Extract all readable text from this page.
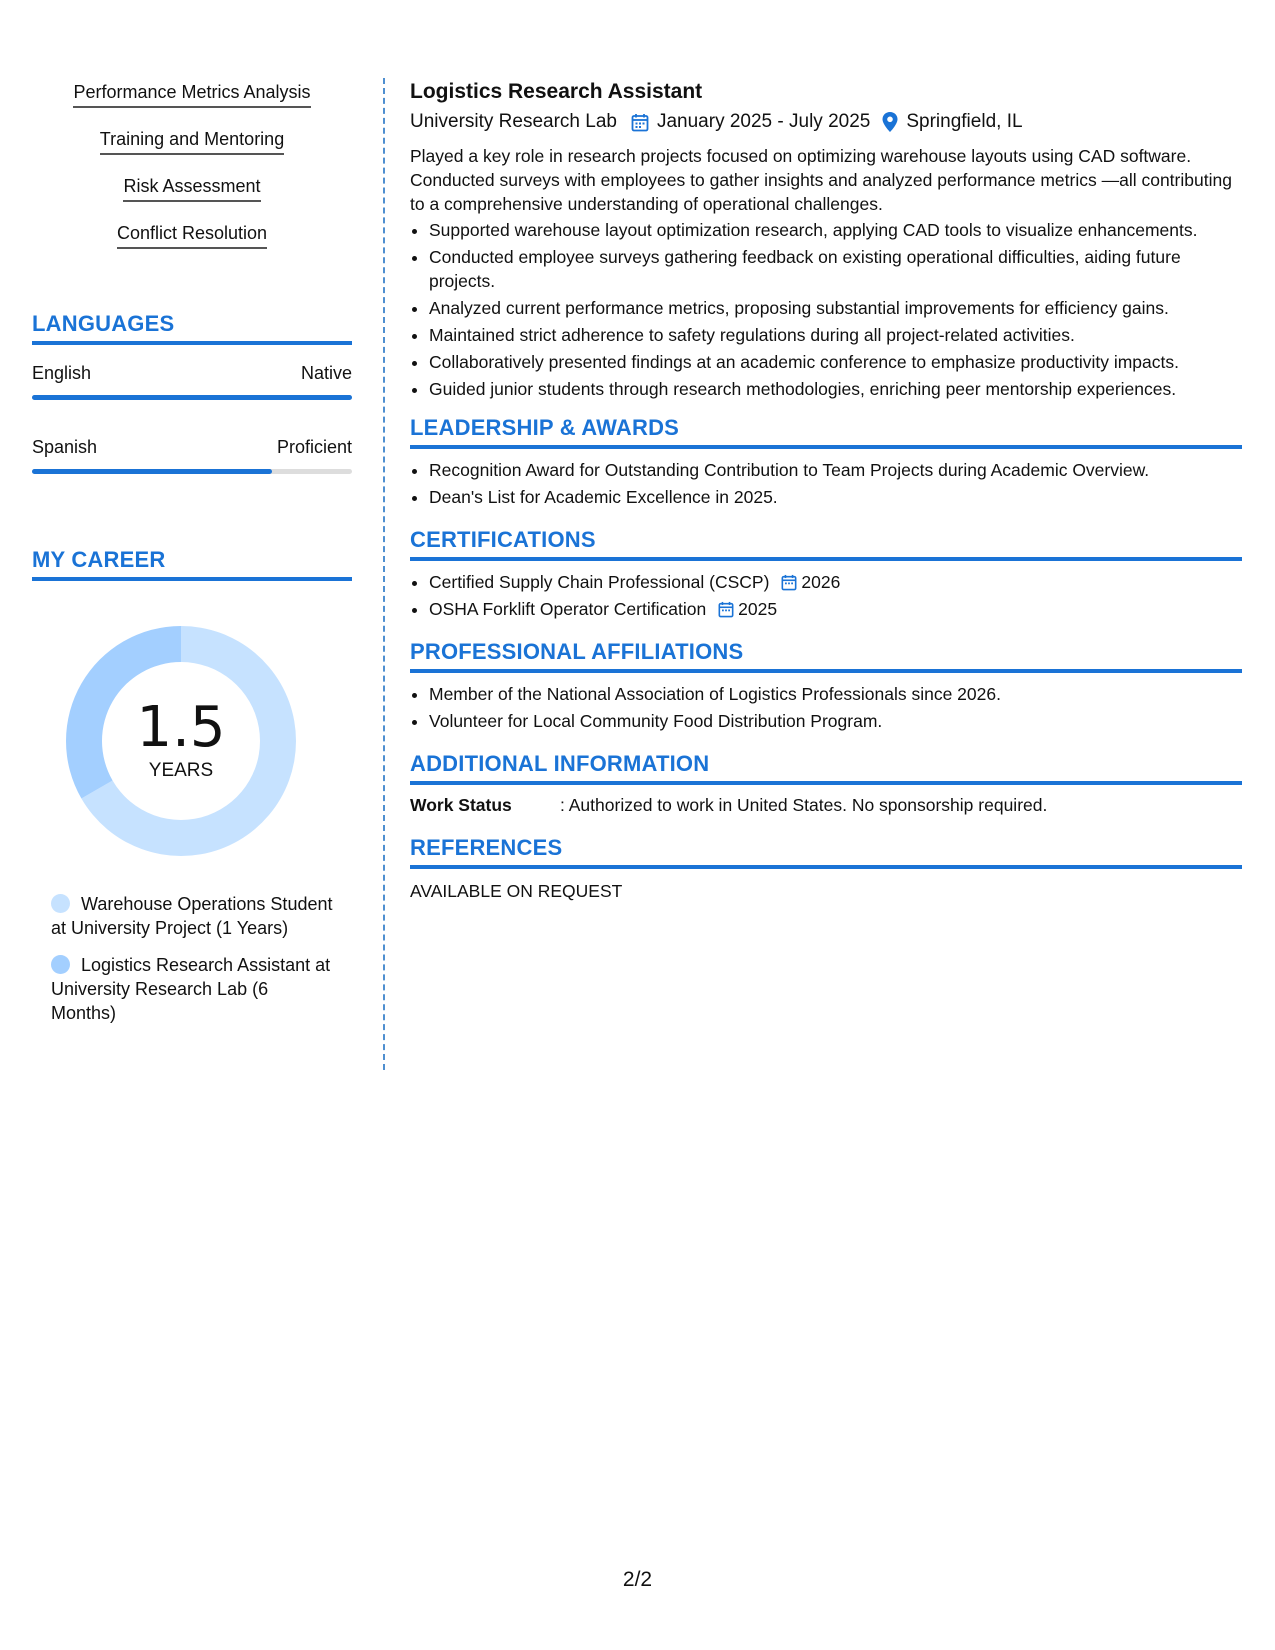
Performance Metrics Analysis
Training and Mentoring
Risk Assessment
Conflict Resolution
LANGUAGES
English	Native
Spanish	Proficient
MY CAREER
1.5
YEARS
Warehouse Operations Student at University Project (1 Years)
Logistics Research Assistant at University Research Lab (6 Months)
Logistics Research Assistant
University Research Lab January 2025 - July 2025 Springfield, IL
Played a key role in research projects focused on optimizing warehouse layouts using CAD software. Conducted surveys with employees to gather insights and analyzed performance metrics —all contributing to a comprehensive understanding of operational challenges.
• Supported warehouse layout optimization research, applying CAD tools to visualize enhancements.
• Conducted employee surveys gathering feedback on existing operational difficulties, aiding future projects.
• Analyzed current performance metrics, proposing substantial improvements for efficiency gains.
• Maintained strict adherence to safety regulations during all project-related activities.
• Collaboratively presented findings at an academic conference to emphasize productivity impacts.
• Guided junior students through research methodologies, enriching peer mentorship experiences.
LEADERSHIP & AWARDS
• Recognition Award for Outstanding Contribution to Team Projects during Academic Overview.
• Dean's List for Academic Excellence in 2025.
CERTIFICATIONS
• Certified Supply Chain Professional (CSCP) 2026
• OSHA Forklift Operator Certification 2025
PROFESSIONAL AFFILIATIONS
• Member of the National Association of Logistics Professionals since 2026.
• Volunteer for Local Community Food Distribution Program.
ADDITIONAL INFORMATION
Work Status	: Authorized to work in United States. No sponsorship required.
REFERENCES
AVAILABLE ON REQUEST
2/2
